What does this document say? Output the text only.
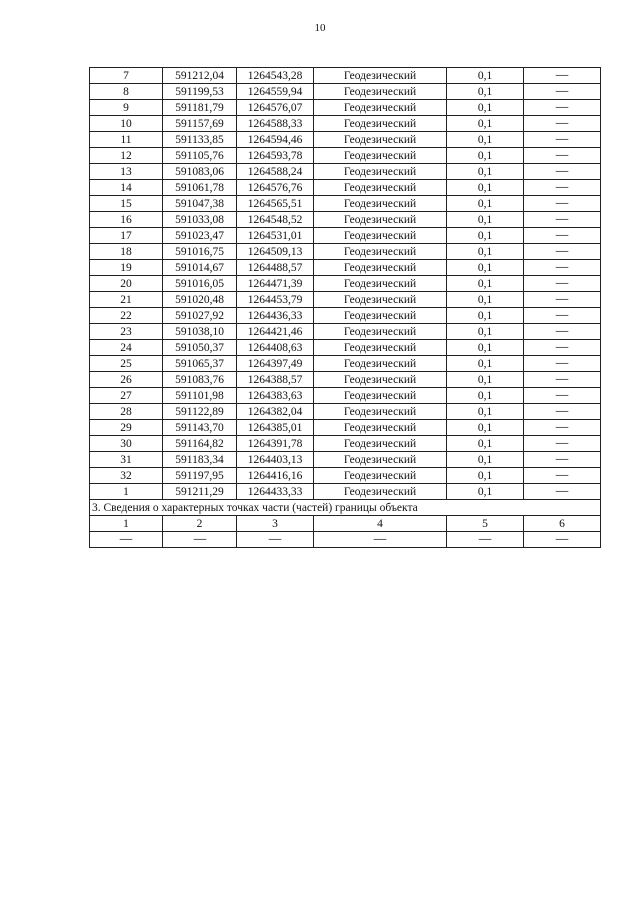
10
7	591212,04	1264543,28	Геодезический	0,1	—
8	591199,53	1264559,94	Геодезический	0,1	—
9	591181,79	1264576,07	Геодезический	0,1	—
10	591157,69	1264588,33	Геодезический	0,1	—
11	591133,85	1264594,46	Геодезический	0,1	—
12	591105,76	1264593,78	Геодезический	0,1	—
13	591083,06	1264588,24	Геодезический	0,1	—
14	591061,78	1264576,76	Геодезический	0,1	—
15	591047,38	1264565,51	Геодезический	0,1	—
16	591033,08	1264548,52	Геодезический	0,1	—
17	591023,47	1264531,01	Геодезический	0,1	—
18	591016,75	1264509,13	Геодезический	0,1	—
19	591014,67	1264488,57	Геодезический	0,1	—
20	591016,05	1264471,39	Геодезический	0,1	—
21	591020,48	1264453,79	Геодезический	0,1	—
22	591027,92	1264436,33	Геодезический	0,1	—
23	591038,10	1264421,46	Геодезический	0,1	—
24	591050,37	1264408,63	Геодезический	0,1	—
25	591065,37	1264397,49	Геодезический	0,1	—
26	591083,76	1264388,57	Геодезический	0,1	—
27	591101,98	1264383,63	Геодезический	0,1	—
28	591122,89	1264382,04	Геодезический	0,1	—
29	591143,70	1264385,01	Геодезический	0,1	—
30	591164,82	1264391,78	Геодезический	0,1	—
31	591183,34	1264403,13	Геодезический	0,1	—
32	591197,95	1264416,16	Геодезический	0,1	—
1	591211,29	1264433,33	Геодезический	0,1	—
3. Сведения о характерных точках части (частей) границы объекта					
1	2	3	4	5	6
—	—	—	—	—	—
